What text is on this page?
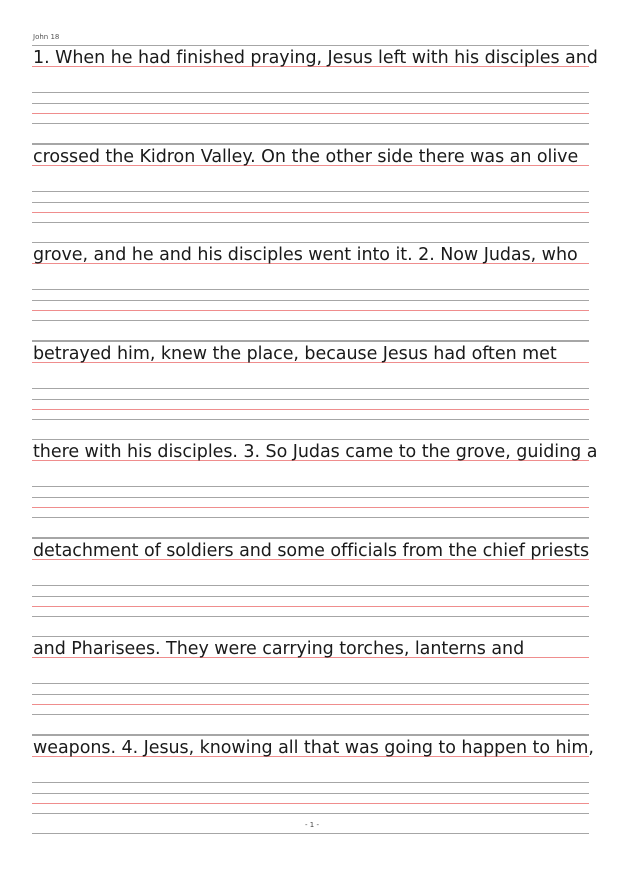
John 18
1. When he had finished praying, Jesus left with his disciples and
crossed the Kidron Valley. On the other side there was an olive
grove, and he and his disciples went into it. 2. Now Judas, who
betrayed him, knew the place, because Jesus had often met
there with his disciples. 3. So Judas came to the grove, guiding a
detachment of soldiers and some officials from the chief priests
and Pharisees. They were carrying torches, lanterns and
weapons. 4. Jesus, knowing all that was going to happen to him,
- 1 -
